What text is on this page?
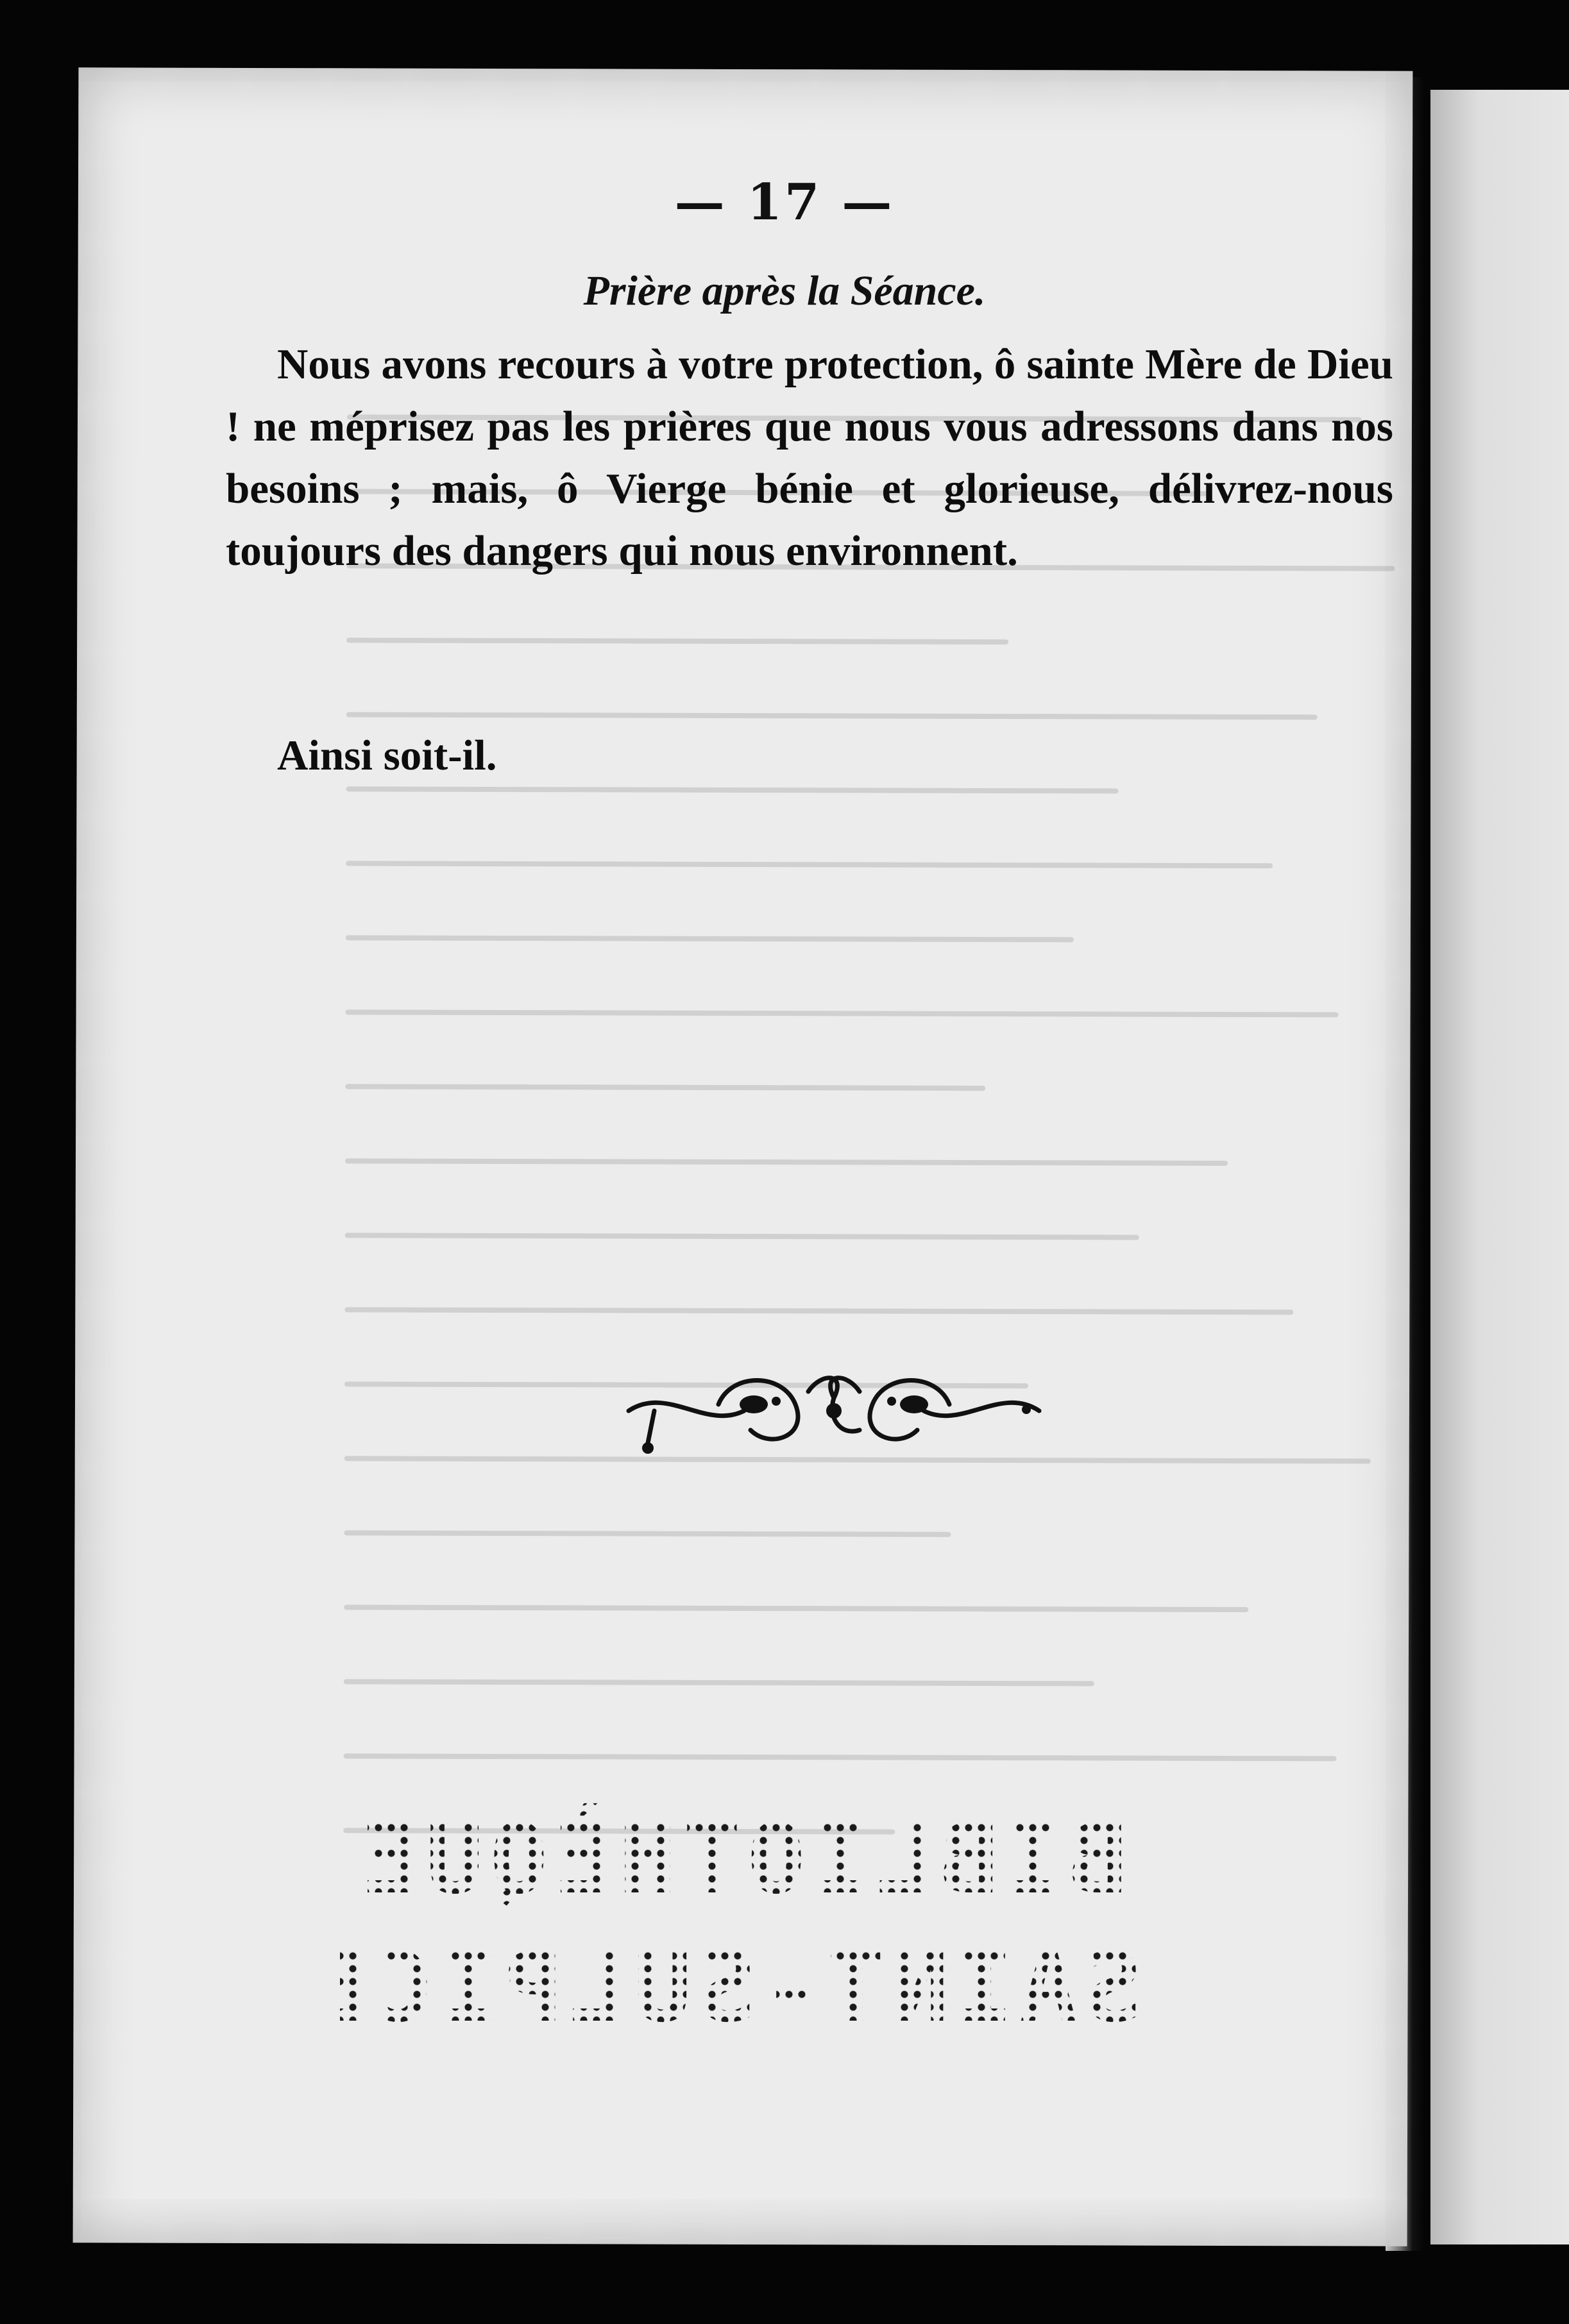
— 17 —
Prière après la Séance.

Nous avons recours à votre protection, ô sainte Mère de Dieu ! ne méprisez pas les prières que nous vous adressons dans nos besoins ; mais, ô Vierge bénie et glorieuse, délivrez-nous toujours des dangers qui nous environnent.

Ainsi soit-il.
BIBLIOTHÈQUE
SAINT-SULPICE
